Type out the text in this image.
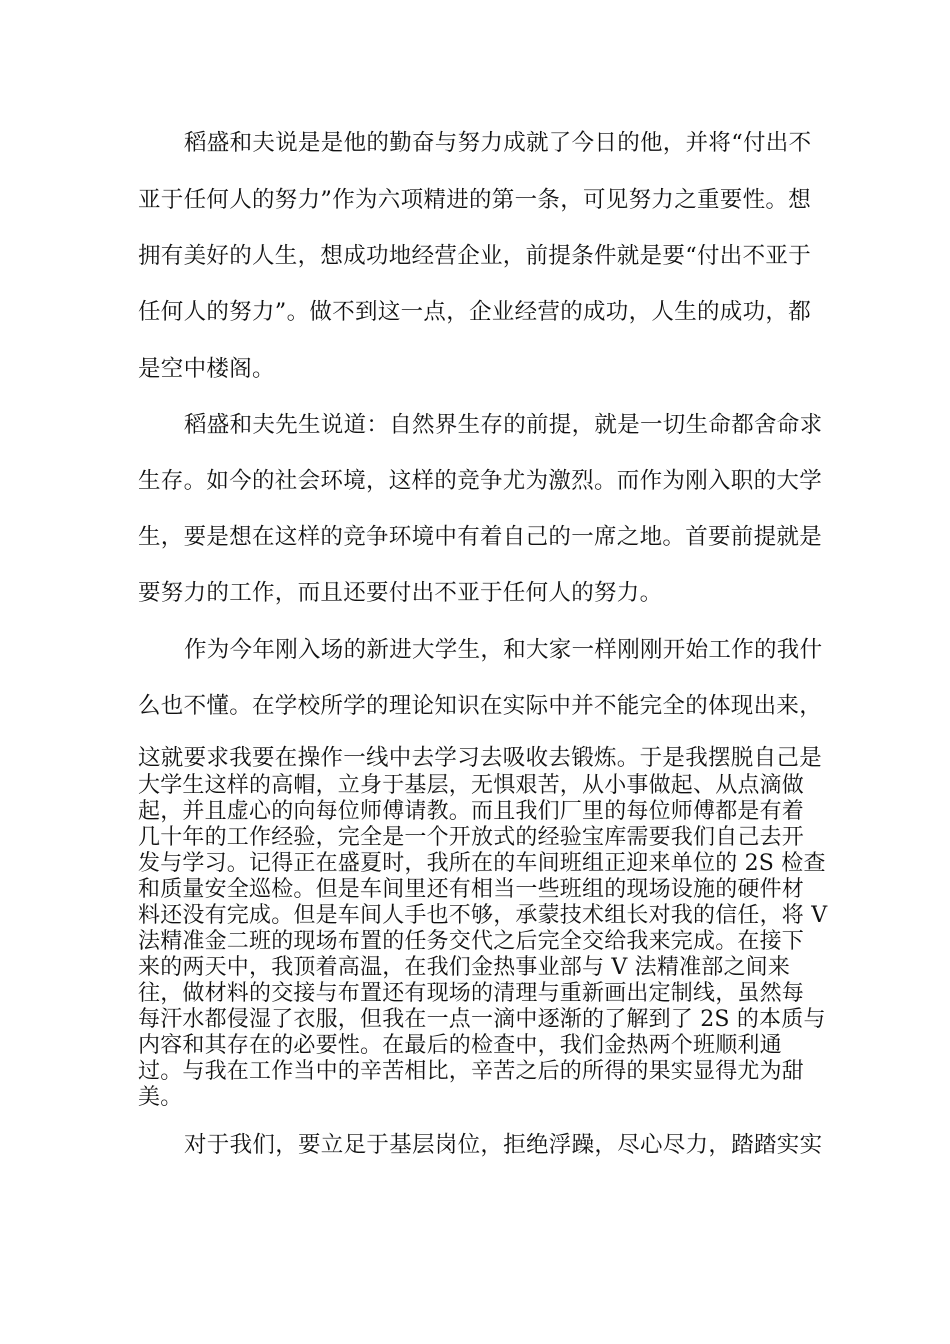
稻盛和夫说是是他的勤奋与努力成就了今日的他，并将“付出不
亚于任何人的努力”作为六项精进的第一条，可见努力之重要性。想
拥有美好的人生，想成功地经营企业，前提条件就是要“付出不亚于
任何人的努力”。做不到这一点，企业经营的成功，人生的成功，都
是空中楼阁。
稻盛和夫先生说道：自然界生存的前提，就是一切生命都舍命求
生存。如今的社会环境，这样的竞争尤为激烈。而作为刚入职的大学
生，要是想在这样的竞争环境中有着自己的一席之地。首要前提就是
要努力的工作，而且还要付出不亚于任何人的努力。
作为今年刚入场的新进大学生，和大家一样刚刚开始工作的我什
么也不懂。在学校所学的理论知识在实际中并不能完全的体现出来，
这就要求我要在操作一线中去学习去吸收去锻炼。于是我摆脱自己是
大学生这样的高帽，立身于基层，无惧艰苦，从小事做起、从点滴做
起，并且虚心的向每位师傅请教。而且我们厂里的每位师傅都是有着
几十年的工作经验，完全是一个开放式的经验宝库需要我们自己去开
发与学习。记得正在盛夏时，我所在的车间班组正迎来单位的 2S 检查
和质量安全巡检。但是车间里还有相当一些班组的现场设施的硬件材
料还没有完成。但是车间人手也不够，承蒙技术组长对我的信任，将 V
法精准金二班的现场布置的任务交代之后完全交给我来完成。在接下
来的两天中，我顶着高温，在我们金热事业部与 V 法精准部之间来
往，做材料的交接与布置还有现场的清理与重新画出定制线，虽然每
每汗水都侵湿了衣服，但我在一点一滴中逐渐的了解到了 2S 的本质与
内容和其存在的必要性。在最后的检查中，我们金热两个班顺利通
过。与我在工作当中的辛苦相比，辛苦之后的所得的果实显得尤为甜
美。
对于我们，要立足于基层岗位，拒绝浮躁，尽心尽力，踏踏实实
